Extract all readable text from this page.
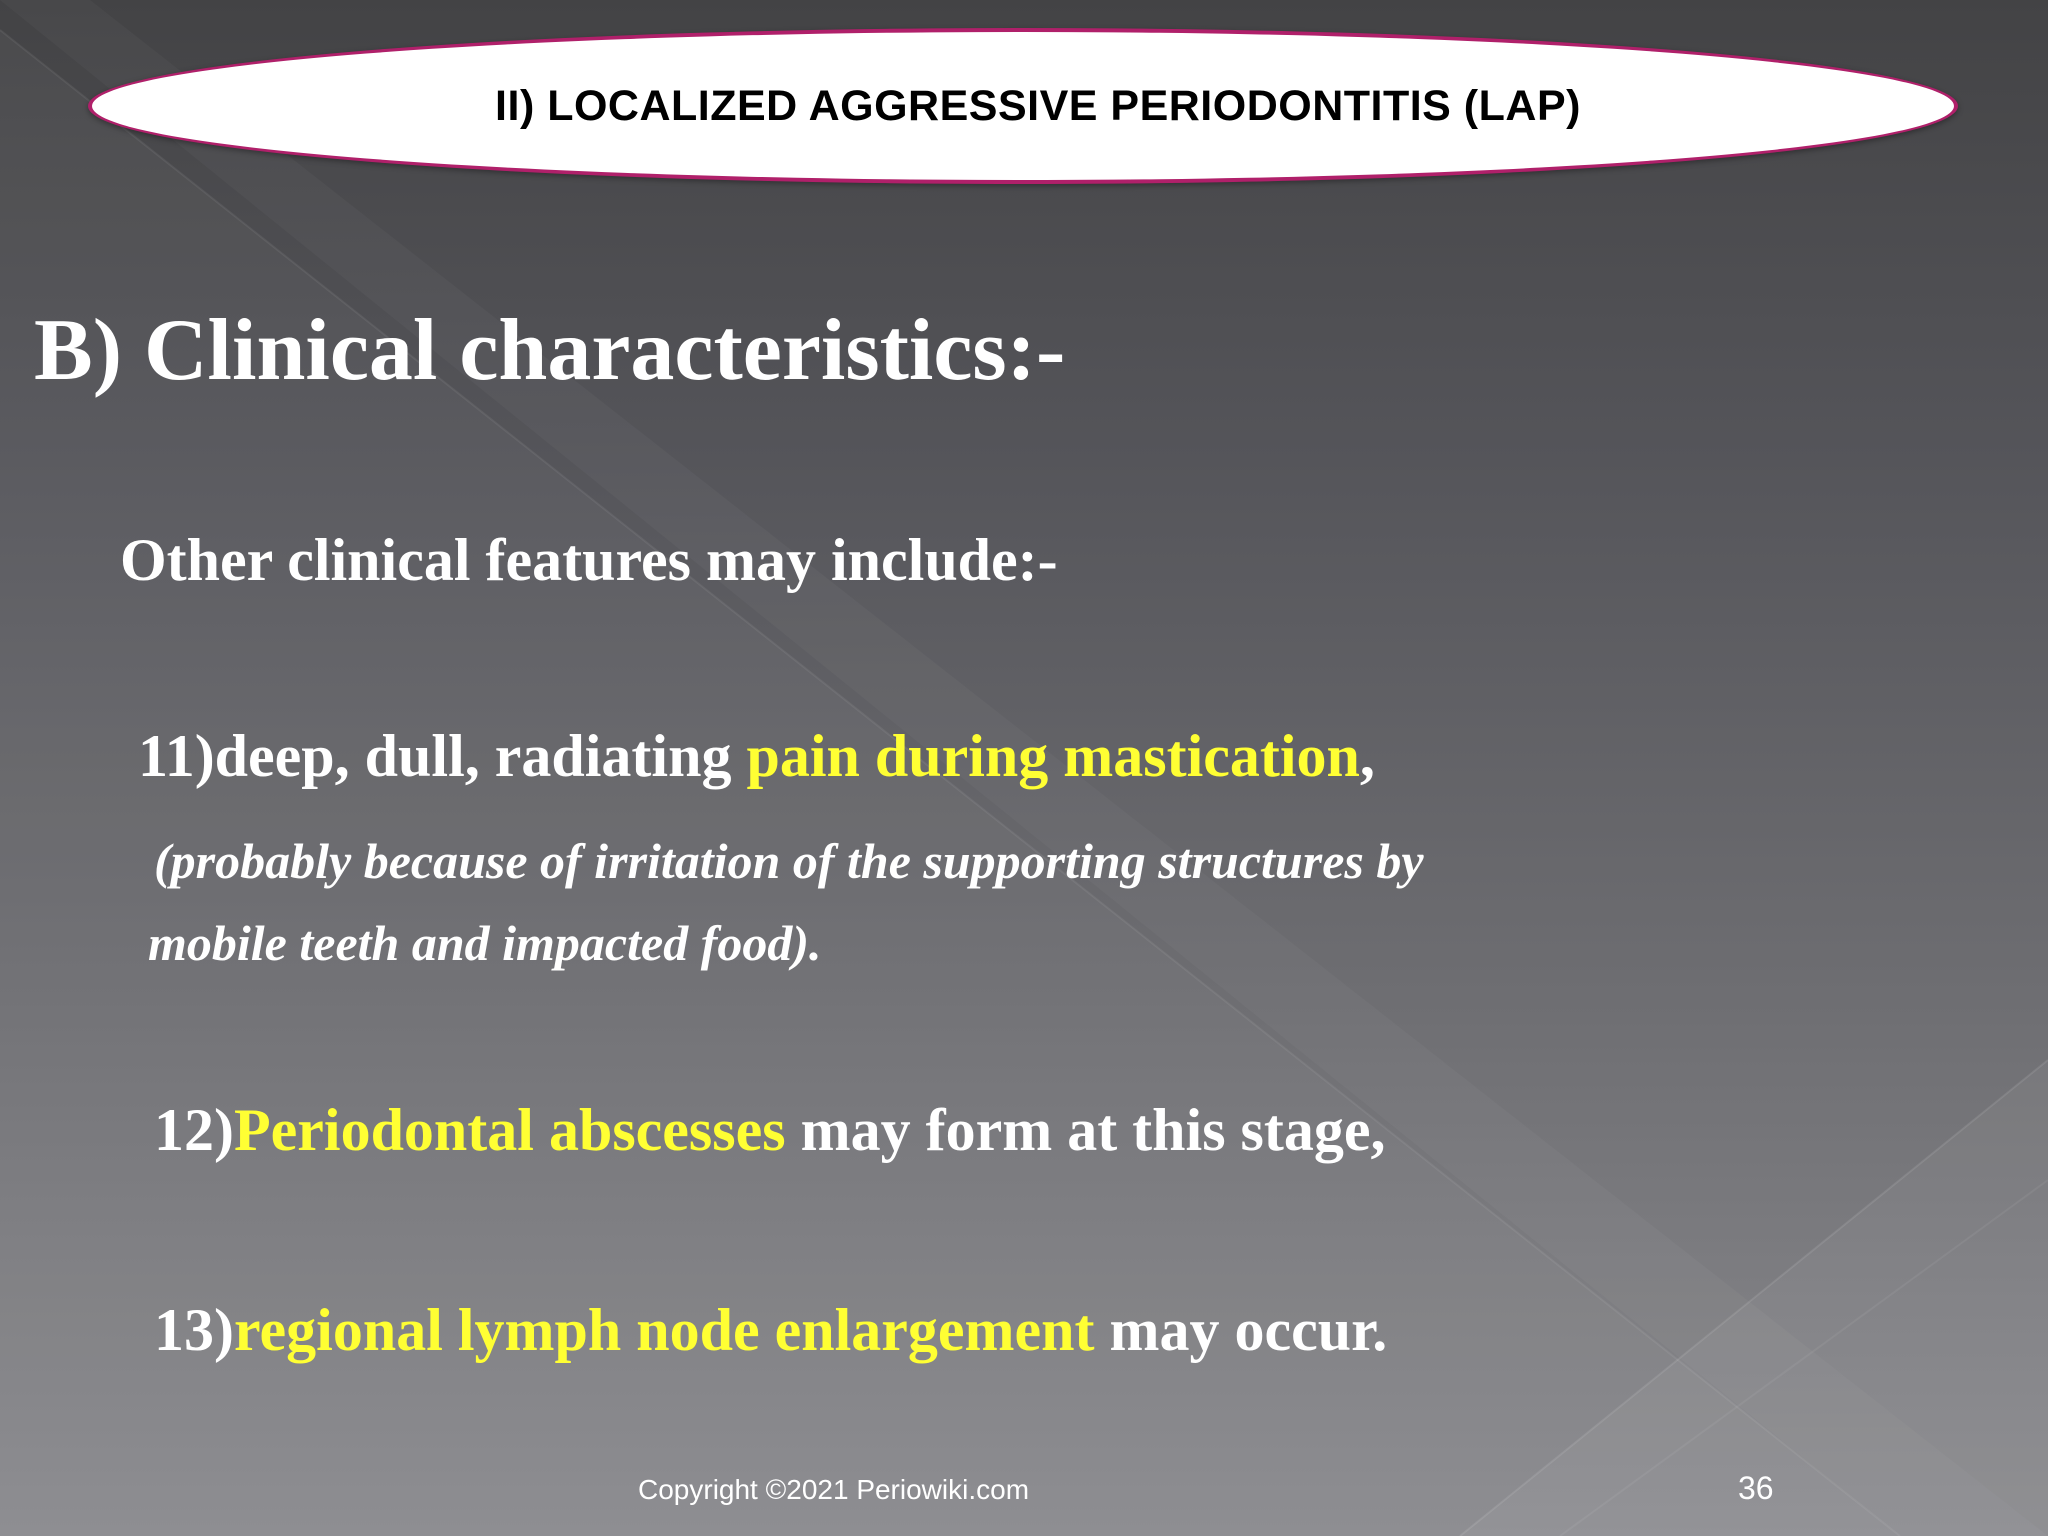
II) LOCALIZED AGGRESSIVE PERIODONTITIS (LAP)
B) Clinical characteristics:-
Other clinical features may include:-
11)deep, dull, radiating pain during mastication,
(probably because of irritation of the supporting structures by
mobile teeth and impacted food).
12)Periodontal abscesses may form at this stage,
13)regional lymph node enlargement may occur.
Copyright ©2021 Periowiki.com	36
